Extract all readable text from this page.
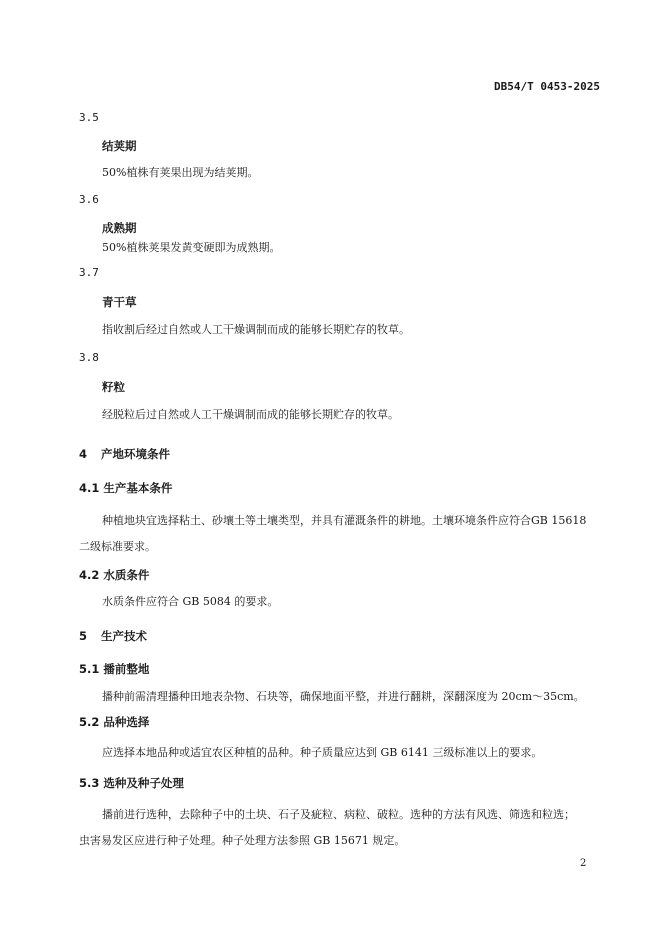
DB54/T 0453-2025
3.5
结荚期
50%植株有荚果出现为结荚期。
3.6
成熟期
50%植株荚果发黄变硬即为成熟期。
3.7
青干草
指收割后经过自然或人工干燥调制而成的能够长期贮存的牧草。
3.8
籽粒
经脱粒后过自然或人工干燥调制而成的能够长期贮存的牧草。
4 产地环境条件
4.1 生产基本条件
种植地块宜选择粘土、砂壤土等土壤类型，并具有灌溉条件的耕地。土壤环境条件应符合GB 15618
二级标准要求。
4.2 水质条件
水质条件应符合 GB 5084 的要求。
5 生产技术
5.1 播前整地
播种前需清理播种田地表杂物、石块等，确保地面平整，并进行翻耕，深翻深度为 20cm～35cm。
5.2 品种选择
应选择本地品种或适宜农区种植的品种。种子质量应达到 GB 6141 三级标准以上的要求。
5.3 选种及种子处理
播前进行选种，去除种子中的土块、石子及疵粒、病粒、破粒。选种的方法有风选、筛选和粒选；
虫害易发区应进行种子处理。种子处理方法参照 GB 15671 规定。
2
